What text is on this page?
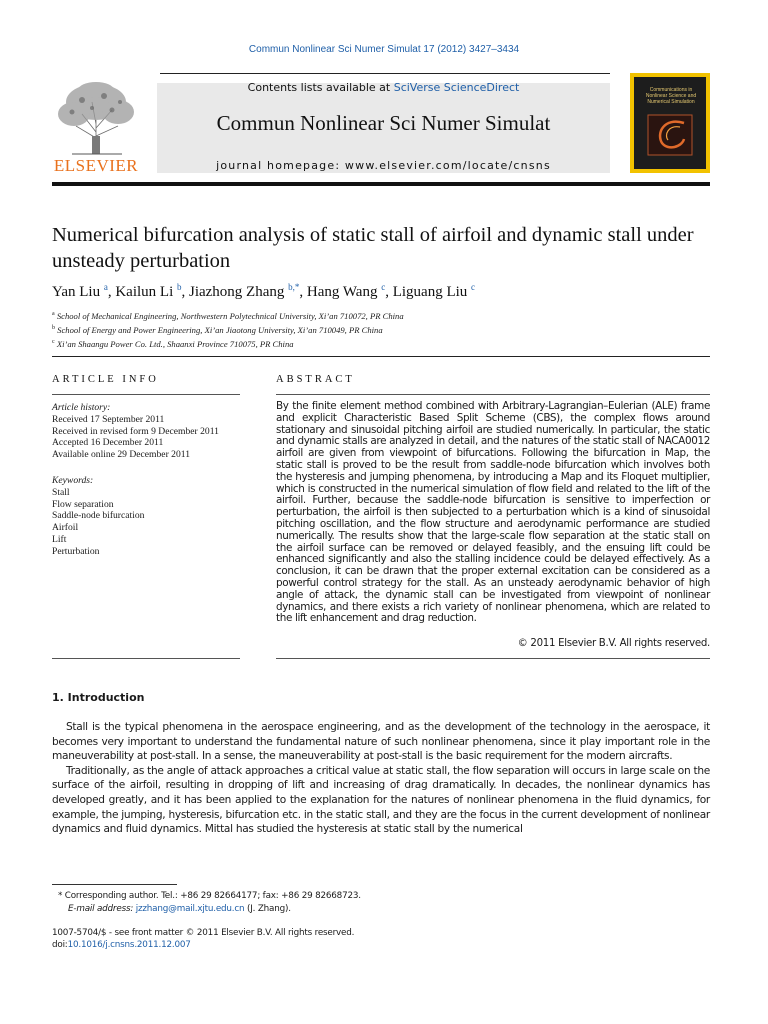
Commun Nonlinear Sci Numer Simulat 17 (2012) 3427–3434
ELSEVIER
Contents lists available at SciVerse ScienceDirect
Commun Nonlinear Sci Numer Simulat
journal homepage: www.elsevier.com/locate/cnsns
Communications in Nonlinear Science and Numerical Simulation
Numerical bifurcation analysis of static stall of airfoil and dynamic stall under unsteady perturbation
Yan Liu $^a$, Kailun Li $^b$, Jiazhong Zhang $^{b,*}$, Hang Wang $^c$, Liguang Liu $^c$
$^a$ School of Mechanical Engineering, Northwestern Polytechnical University, Xi’an 710072, PR China
$^b$ School of Energy and Power Engineering, Xi’an Jiaotong University, Xi’an 710049, PR China
$^c$ Xi’an Shaangu Power Co. Ltd., Shaanxi Province 710075, PR China
ARTICLE INFO
Article history:
Received 17 September 2011
Received in revised form 9 December 2011
Accepted 16 December 2011
Available online 29 December 2011
Keywords:
Stall
Flow separation
Saddle-node bifurcation
Airfoil
Lift
Perturbation
ABSTRACT
By the finite element method combined with Arbitrary-Lagrangian–Eulerian (ALE) frame and explicit Characteristic Based Split Scheme (CBS), the complex flows around stationary and sinusoidal pitching airfoil are studied numerically. In particular, the static and dynamic stalls are analyzed in detail, and the natures of the static stall of NACA0012 airfoil are given from viewpoint of bifurcations. Following the bifurcation in Map, the static stall is proved to be the result from saddle-node bifurcation which involves both the hysteresis and jumping phenomena, by introducing a Map and its Floquet multiplier, which is constructed in the numerical simulation of flow field and related to the lift of the airfoil. Further, because the saddle-node bifurcation is sensitive to imperfection or perturbation, the airfoil is then subjected to a perturbation which is a kind of sinusoidal pitching oscillation, and the flow structure and aerodynamic performance are studied numerically. The results show that the large-scale flow separation at the static stall on the airfoil surface can be removed or delayed feasibly, and the ensuing lift could be enhanced significantly and also the stalling incidence could be delayed effectively. As a conclusion, it can be drawn that the proper external excitation can be considered as a powerful control strategy for the stall. As an unsteady aerodynamic behavior of high angle of attack, the dynamic stall can be investigated from viewpoint of nonlinear dynamics, and there exists a rich variety of nonlinear phenomena, which are related to the lift enhancement and drag reduction.
© 2011 Elsevier B.V. All rights reserved.
1. Introduction

Stall is the typical phenomena in the aerospace engineering, and as the development of the technology in the aerospace, it becomes very important to understand the fundamental nature of such nonlinear phenomena, since it play important role in the maneuverability at post-stall. In a sense, the maneuverability at post-stall is the basic requirement for the modern aircrafts.

Traditionally, as the angle of attack approaches a critical value at static stall, the flow separation will occurs in large scale on the surface of the airfoil, resulting in dropping of lift and increasing of drag dramatically. In decades, the nonlinear dynamics has developed greatly, and it has been applied to the explanation for the natures of nonlinear phenomena in the fluid dynamics, for example, the jumping, hysteresis, bifurcation etc. in the static stall, and they are the focus in the current development of nonlinear dynamics and fluid dynamics. Mittal has studied the hysteresis at static stall by the numerical

* Corresponding author. Tel.: +86 29 82664177; fax: +86 29 82668723.
E-mail address: jzzhang@mail.xjtu.edu.cn (J. Zhang).
1007-5704/$ - see front matter © 2011 Elsevier B.V. All rights reserved.
doi:10.1016/j.cnsns.2011.12.007
